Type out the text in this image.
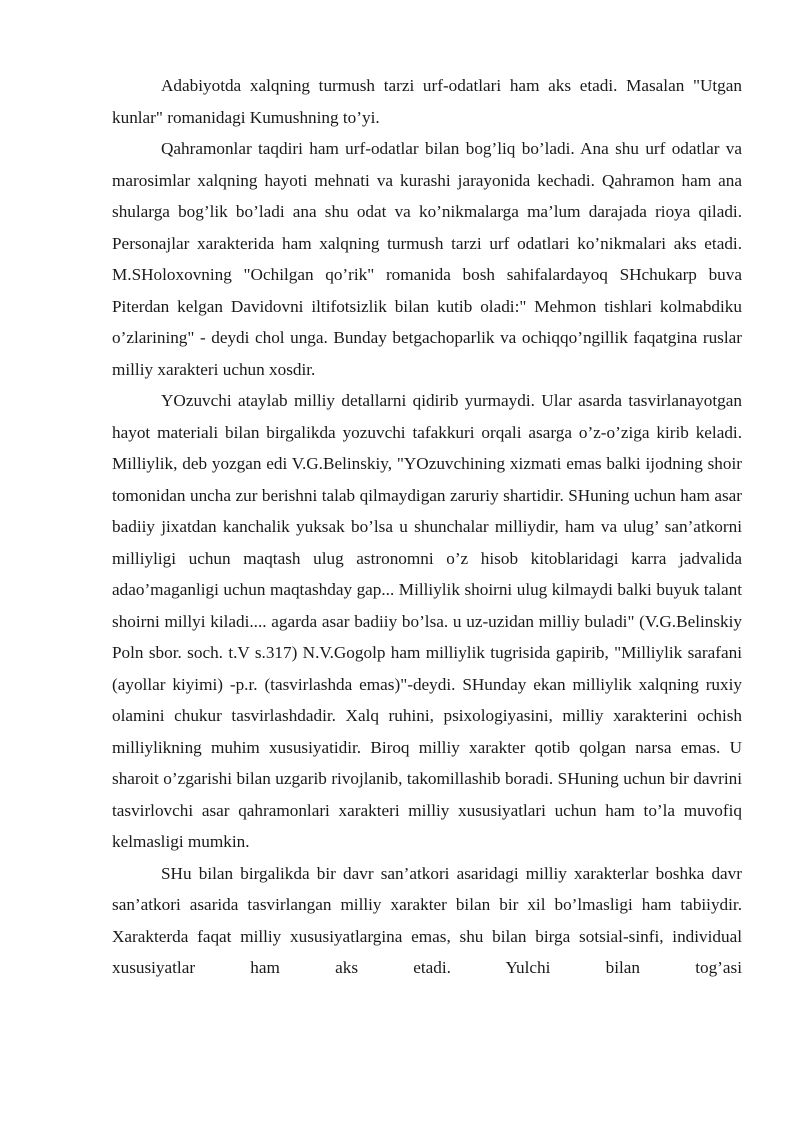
Adabiyotda xalqning turmush tarzi urf-odatlari ham aks etadi. Masalan "Utgan kunlar" romanidagi Kumushning to’yi.

Qahramonlar taqdiri ham urf-odatlar bilan bog’liq bo’ladi. Ana shu urf odatlar va marosimlar xalqning hayoti mehnati va kurashi jarayonida kechadi. Qahramon ham ana shularga bog’lik bo’ladi ana shu odat va ko’nikmalarga ma’lum darajada rioya qiladi. Personajlar xarakterida ham xalqning turmush tarzi urf odatlari ko’nikmalari aks etadi. M.SHoloxovning "Ochilgan qo’rik" romanida bosh sahifalardayoq SHchukarp buva Piterdan kelgan Davidovni iltifotsizlik bilan kutib oladi:" Mehmon tishlari kolmabdiku o’zlarining" - deydi chol unga. Bunday betgachoparlik va ochiqqo’ngillik faqatgina ruslar milliy xarakteri uchun xosdir.

YOzuvchi ataylab milliy detallarni qidirib yurmaydi. Ular asarda tasvirlanayotgan hayot materiali bilan birgalikda yozuvchi tafakkuri orqali asarga o’z-o’ziga kirib keladi. Milliylik, deb yozgan edi V.G.Belinskiy, "YOzuvchining xizmati emas balki ijodning shoir tomonidan uncha zur berishni talab qilmaydigan zaruriy shartidir. SHuning uchun ham asar badiiy jixatdan kanchalik yuksak bo’lsa u shunchalar milliydir, ham va ulug’ san’atkorni milliyligi uchun maqtash ulug astronomni o’z hisob kitoblaridagi karra jadvalida adao’maganligi uchun maqtashday gap... Milliylik shoirni ulug kilmaydi balki buyuk talant shoirni millyi kiladi.... agarda asar badiiy bo’lsa. u uz-uzidan milliy buladi" (V.G.Belinskiy Poln sbor. soch. t.V s.317) N.V.Gogolp ham milliylik tugrisida gapirib, "Milliylik sarafani (ayollar kiyimi) -p.r. (tasvirlashda emas)"-deydi. SHunday ekan milliylik xalqning ruxiy olamini chukur tasvirlashdadir. Xalq ruhini, psixologiyasini, milliy xarakterini ochish milliylikning muhim xususiyatidir. Biroq milliy xarakter qotib qolgan narsa emas. U sharoit o’zgarishi bilan uzgarib rivojlanib, takomillashib boradi. SHuning uchun bir davrini tasvirlovchi asar qahramonlari xarakteri milliy xususiyatlari uchun ham to’la muvofiq kelmasligi mumkin.

SHu bilan birgalikda bir davr san’atkori asaridagi milliy xarakterlar boshka davr san’atkori asarida tasvirlangan milliy xarakter bilan bir xil bo’lmasligi ham tabiiydir. Xarakterda faqat milliy xususiyatlargina emas, shu bilan birga sotsial-sinfi, individual xususiyatlar ham aks etadi. Yulchi bilan tog’asi
